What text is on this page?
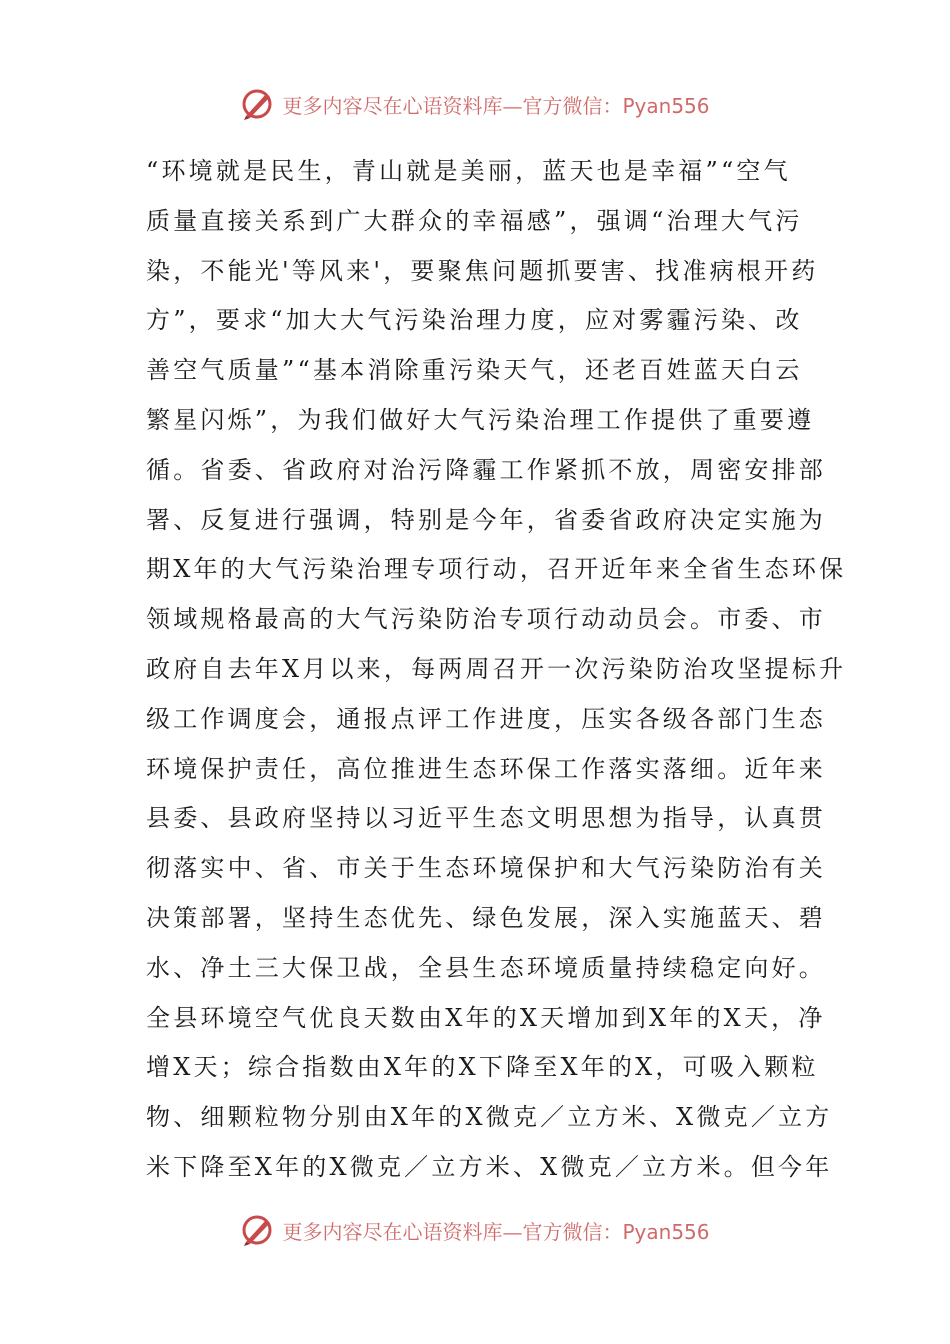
更多内容尽在心语资料库—官方微信：Pyan556
“环境就是民生，青山就是美丽，蓝天也是幸福”“空气
质量直接关系到广大群众的幸福感”，强调“治理大气污
染，不能光'等风来'，要聚焦问题抓要害、找准病根开药
方”，要求“加大大气污染治理力度，应对雾霾污染、改
善空气质量”“基本消除重污染天气，还老百姓蓝天白云
繁星闪烁”，为我们做好大气污染治理工作提供了重要遵
循。省委、省政府对治污降霾工作紧抓不放，周密安排部
署、反复进行强调，特别是今年，省委省政府决定实施为
期X年的大气污染治理专项行动，召开近年来全省生态环保
领域规格最高的大气污染防治专项行动动员会。市委、市
政府自去年X月以来，每两周召开一次污染防治攻坚提标升
级工作调度会，通报点评工作进度，压实各级各部门生态
环境保护责任，高位推进生态环保工作落实落细。近年来
县委、县政府坚持以习近平生态文明思想为指导，认真贯
彻落实中、省、市关于生态环境保护和大气污染防治有关
决策部署，坚持生态优先、绿色发展，深入实施蓝天、碧
水、净土三大保卫战，全县生态环境质量持续稳定向好。
全县环境空气优良天数由X年的X天增加到X年的X天，净
增X天；综合指数由X年的X下降至X年的X，可吸入颗粒
物、细颗粒物分别由X年的X微克／立方米、X微克／立方
米下降至X年的X微克／立方米、X微克／立方米。但今年
更多内容尽在心语资料库—官方微信：Pyan556
